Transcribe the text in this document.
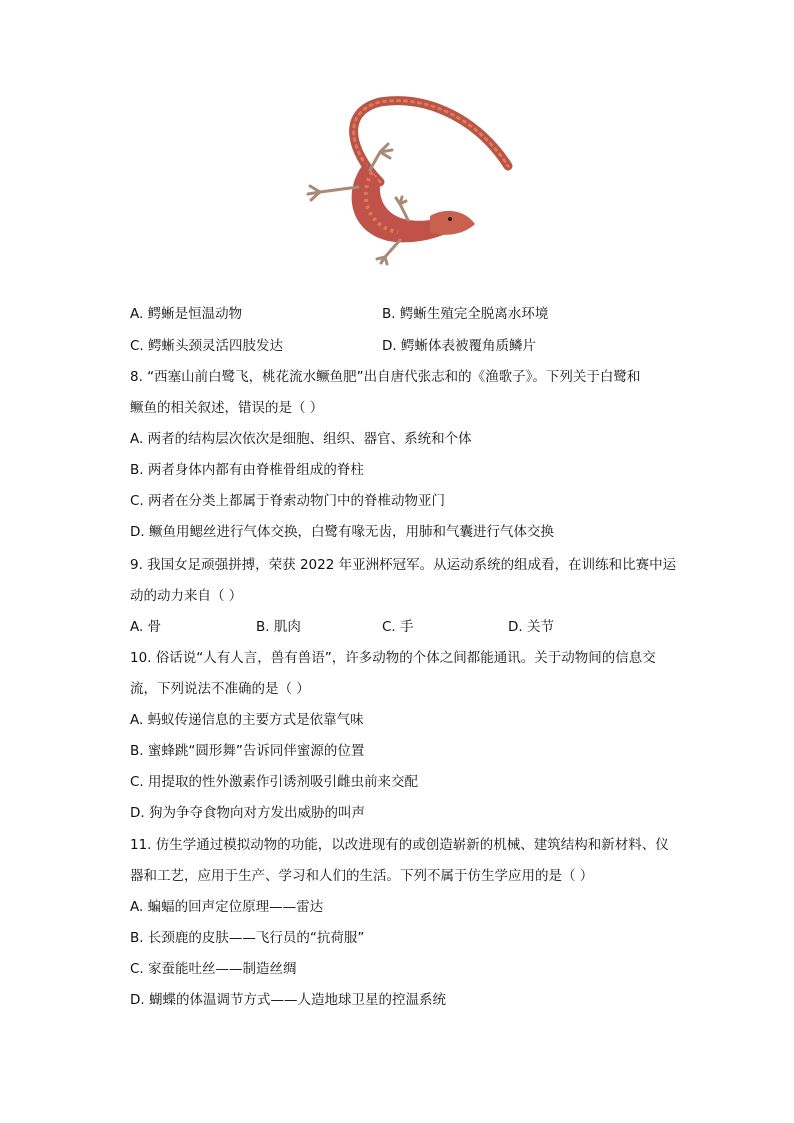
A. 鳄蜥是恒温动物	B. 鳄蜥生殖完全脱离水环境
C. 鳄蜥头颈灵活四肢发达	D. 鳄蜥体表被覆角质鳞片
8. “西塞山前白鹭飞，桃花流水鳜鱼肥”出自唐代张志和的《渔歌子》。下列关于白鹭和
鳜鱼的相关叙述，错误的是（ ）
A. 两者的结构层次依次是细胞、组织、器官、系统和个体
B. 两者身体内都有由脊椎骨组成的脊柱
C. 两者在分类上都属于脊索动物门中的脊椎动物亚门
D. 鳜鱼用鳃丝进行气体交换，白鹭有喙无齿，用肺和气囊进行气体交换
9. 我国女足顽强拼搏，荣获 2022 年亚洲杯冠军。从运动系统的组成看，在训练和比赛中运
动的动力来自（ ）
A. 骨	B. 肌肉	C. 手	D. 关节
10. 俗话说“人有人言，兽有兽语”，许多动物的个体之间都能通讯。关于动物间的信息交
流，下列说法不准确的是（ ）
A. 蚂蚁传递信息的主要方式是依靠气味
B. 蜜蜂跳“圆形舞”告诉同伴蜜源的位置
C. 用提取的性外激素作引诱剂吸引雌虫前来交配
D. 狗为争夺食物向对方发出威胁的叫声
11. 仿生学通过模拟动物的功能，以改进现有的或创造崭新的机械、建筑结构和新材料、仪
器和工艺，应用于生产、学习和人们的生活。下列不属于仿生学应用的是（ ）
A. 蝙蝠的回声定位原理——雷达
B. 长颈鹿的皮肤——飞行员的“抗荷服”
C. 家蚕能吐丝——制造丝绸
D. 蝴蝶的体温调节方式——人造地球卫星的控温系统
